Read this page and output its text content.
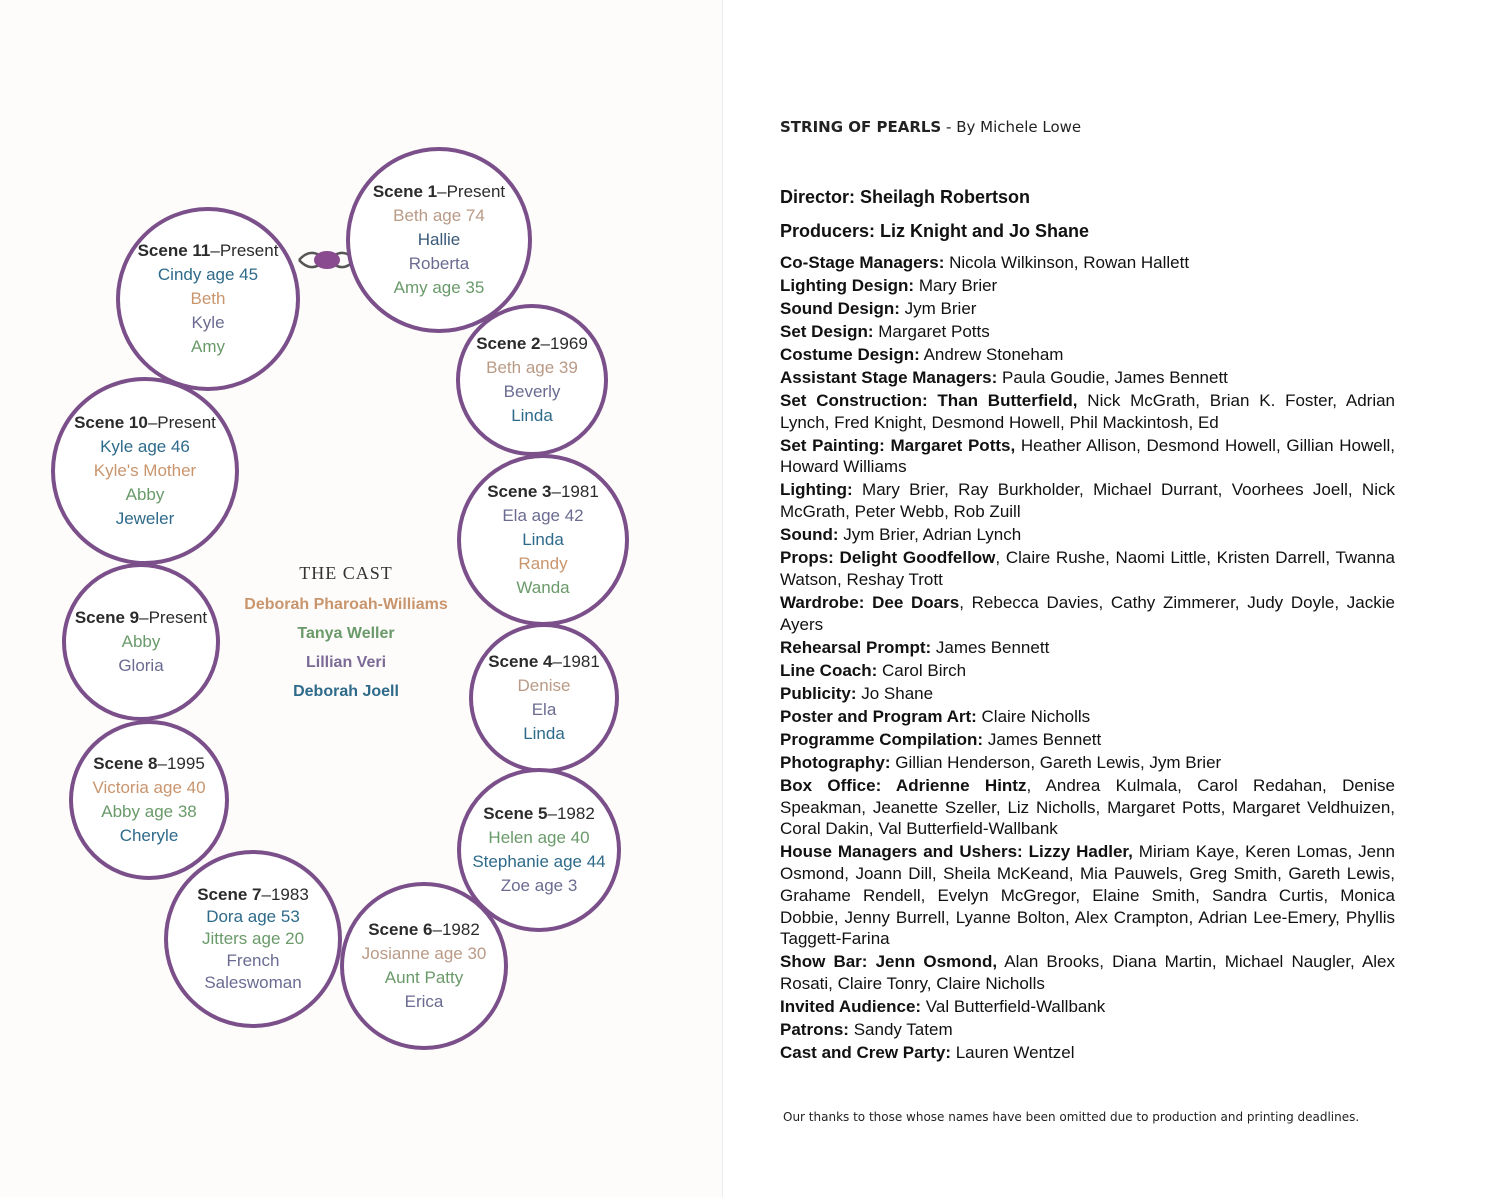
Scene 1–Present
Beth age 74
Hallie
Roberta
Amy age 35
Scene 2–1969
Beth age 39
Beverly
Linda
Scene 3–1981
Ela age 42
Linda
Randy
Wanda
Scene 4–1981
Denise
Ela
Linda
Scene 5–1982
Helen age 40
Stephanie age 44
Zoe age 3
Scene 6–1982
Josianne age 30
Aunt Patty
Erica
Scene 7–1983
Dora age 53
Jitters age 20
French
Saleswoman
Scene 8–1995
Victoria age 40
Abby age 38
Cheryle
Scene 9–Present
Abby
Gloria
Scene 10–Present
Kyle age 46
Kyle's Mother
Abby
Jeweler
Scene 11–Present
Cindy age 45
Beth
Kyle
Amy
THE CAST
Deborah Pharoah-Williams
Tanya Weller
Lillian Veri
Deborah Joell
STRING OF PEARLS - By Michele Lowe
Director: Sheilagh Robertson
Producers: Liz Knight and Jo Shane
Co-Stage Managers: Nicola Wilkinson, Rowan Hallett
Lighting Design: Mary Brier
Sound Design: Jym Brier
Set Design: Margaret Potts
Costume Design: Andrew Stoneham
Assistant Stage Managers: Paula Goudie, James Bennett
Set Construction: Than Butterfield, Nick McGrath, Brian K. Foster, Adrian Lynch, Fred Knight, Desmond Howell, Phil Mackintosh, Ed
Set Painting: Margaret Potts, Heather Allison, Desmond Howell, Gillian Howell, Howard Williams
Lighting: Mary Brier, Ray Burkholder, Michael Durrant, Voorhees Joell, Nick McGrath, Peter Webb, Rob Zuill
Sound: Jym Brier, Adrian Lynch
Props: Delight Goodfellow, Claire Rushe, Naomi Little, Kristen Darrell, Twanna Watson, Reshay Trott
Wardrobe: Dee Doars, Rebecca Davies, Cathy Zimmerer, Judy Doyle, Jackie Ayers
Rehearsal Prompt: James Bennett
Line Coach: Carol Birch
Publicity: Jo Shane
Poster and Program Art: Claire Nicholls
Programme Compilation: James Bennett
Photography: Gillian Henderson, Gareth Lewis, Jym Brier
Box Office: Adrienne Hintz, Andrea Kulmala, Carol Redahan, Denise Speakman, Jeanette Szeller, Liz Nicholls, Margaret Potts, Margaret Veldhuizen, Coral Dakin, Val Butterfield-Wallbank
House Managers and Ushers: Lizzy Hadler, Miriam Kaye, Keren Lomas, Jenn Osmond, Joann Dill, Sheila McKeand, Mia Pauwels, Greg Smith, Gareth Lewis, Grahame Rendell, Evelyn McGregor, Elaine Smith, Sandra Curtis, Monica Dobbie, Jenny Burrell, Lyanne Bolton, Alex Crampton, Adrian Lee-Emery, Phyllis Taggett-Farina
Show Bar: Jenn Osmond, Alan Brooks, Diana Martin, Michael Naugler, Alex Rosati, Claire Tonry, Claire Nicholls
Invited Audience: Val Butterfield-Wallbank
Patrons: Sandy Tatem
Cast and Crew Party: Lauren Wentzel
Our thanks to those whose names have been omitted due to production and printing deadlines.
